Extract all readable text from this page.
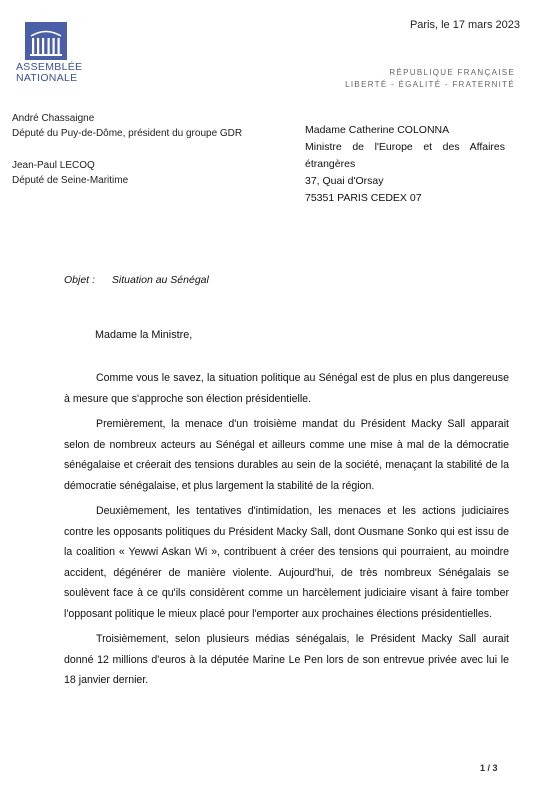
ASSEMBLÉE
NATIONALE
Paris, le 17 mars 2023
RÉPUBLIQUE FRANÇAISE
LIBERTÉ - ÉGALITÉ - FRATERNITÉ
André Chassaigne
Député du Puy-de-Dôme, président du groupe GDR
Jean-Paul LECOQ
Député de Seine-Maritime
Madame Catherine COLONNA
Ministre de l'Europe et des Affaires
étrangères
37, Quai d'Orsay
75351 PARIS CEDEX 07
Objet : Situation au Sénégal
Madame la Ministre,

Comme vous le savez, la situation politique au Sénégal est de plus en plus dangereuse à mesure que s'approche son élection présidentielle.

Premièrement, la menace d'un troisième mandat du Président Macky Sall apparait selon de nombreux acteurs au Sénégal et ailleurs comme une mise à mal de la démocratie sénégalaise et créerait des tensions durables au sein de la société, menaçant la stabilité de la démocratie sénégalaise, et plus largement la stabilité de la région.

Deuxièmement, les tentatives d'intimidation, les menaces et les actions judiciaires contre les opposants politiques du Président Macky Sall, dont Ousmane Sonko qui est issu de la coalition « Yewwi Askan Wi », contribuent à créer des tensions qui pourraient, au moindre accident, dégénérer de manière violente. Aujourd'hui, de très nombreux Sénégalais se soulèvent face à ce qu'ils considèrent comme un harcèlement judiciaire visant à faire tomber l'opposant politique le mieux placé pour l'emporter aux prochaines élections présidentielles.

Troisièmement, selon plusieurs médias sénégalais, le Président Macky Sall aurait donné 12 millions d'euros à la députée Marine Le Pen lors de son entrevue privée avec lui le 18 janvier dernier.

1 / 3
